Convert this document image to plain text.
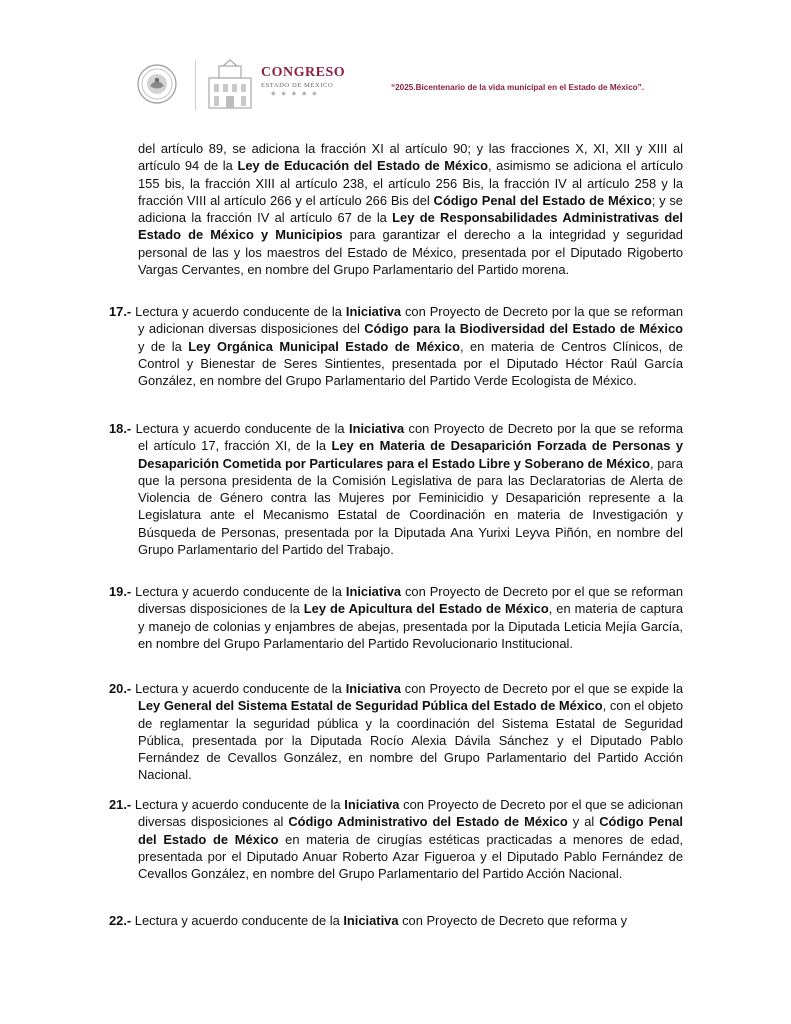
CONGRESO
ESTADO DE MÉXICO
◈ ◈ ◈ ◈ ◈
“2025.Bicentenario de la vida municipal en el Estado de México”.
del artículo 89, se adiciona la fracción XI al artículo 90; y las fracciones X, XI, XII y XIII al artículo 94 de la Ley de Educación del Estado de México, asimismo se adiciona el artículo 155 bis, la fracción XIII al artículo 238, el artículo 256 Bis, la fracción IV al artículo 258 y la fracción VIII al artículo 266 y el artículo 266 Bis del Código Penal del Estado de México; y se adiciona la fracción IV al artículo 67 de la Ley de Responsabilidades Administrativas del Estado de México y Municipios para garantizar el derecho a la integridad y seguridad personal de las y los maestros del Estado de México, presentada por el Diputado Rigoberto Vargas Cervantes, en nombre del Grupo Parlamentario del Partido morena.
17.- Lectura y acuerdo conducente de la Iniciativa con Proyecto de Decreto por la que se reforman y adicionan diversas disposiciones del Código para la Biodiversidad del Estado de México y de la Ley Orgánica Municipal Estado de México, en materia de Centros Clínicos, de Control y Bienestar de Seres Sintientes, presentada por el Diputado Héctor Raúl García González, en nombre del Grupo Parlamentario del Partido Verde Ecologista de México.
18.- Lectura y acuerdo conducente de la Iniciativa con Proyecto de Decreto por la que se reforma el artículo 17, fracción XI, de la Ley en Materia de Desaparición Forzada de Personas y Desaparición Cometida por Particulares para el Estado Libre y Soberano de México, para que la persona presidenta de la Comisión Legislativa de para las Declaratorias de Alerta de Violencia de Género contra las Mujeres por Feminicidio y Desaparición represente a la Legislatura ante el Mecanismo Estatal de Coordinación en materia de Investigación y Búsqueda de Personas, presentada por la Diputada Ana Yurixi Leyva Piñón, en nombre del Grupo Parlamentario del Partido del Trabajo.
19.- Lectura y acuerdo conducente de la Iniciativa con Proyecto de Decreto por el que se reforman diversas disposiciones de la Ley de Apicultura del Estado de México, en materia de captura y manejo de colonias y enjambres de abejas, presentada por la Diputada Leticia Mejía García, en nombre del Grupo Parlamentario del Partido Revolucionario Institucional.
20.- Lectura y acuerdo conducente de la Iniciativa con Proyecto de Decreto por el que se expide la Ley General del Sistema Estatal de Seguridad Pública del Estado de México, con el objeto de reglamentar la seguridad pública y la coordinación del Sistema Estatal de Seguridad Pública, presentada por la Diputada Rocío Alexia Dávila Sánchez y el Diputado Pablo Fernández de Cevallos González, en nombre del Grupo Parlamentario del Partido Acción Nacional.
21.- Lectura y acuerdo conducente de la Iniciativa con Proyecto de Decreto por el que se adicionan diversas disposiciones al Código Administrativo del Estado de México y al Código Penal del Estado de México en materia de cirugías estéticas practicadas a menores de edad, presentada por el Diputado Anuar Roberto Azar Figueroa y el Diputado Pablo Fernández de Cevallos González, en nombre del Grupo Parlamentario del Partido Acción Nacional.
22.- Lectura y acuerdo conducente de la Iniciativa con Proyecto de Decreto que reforma y
